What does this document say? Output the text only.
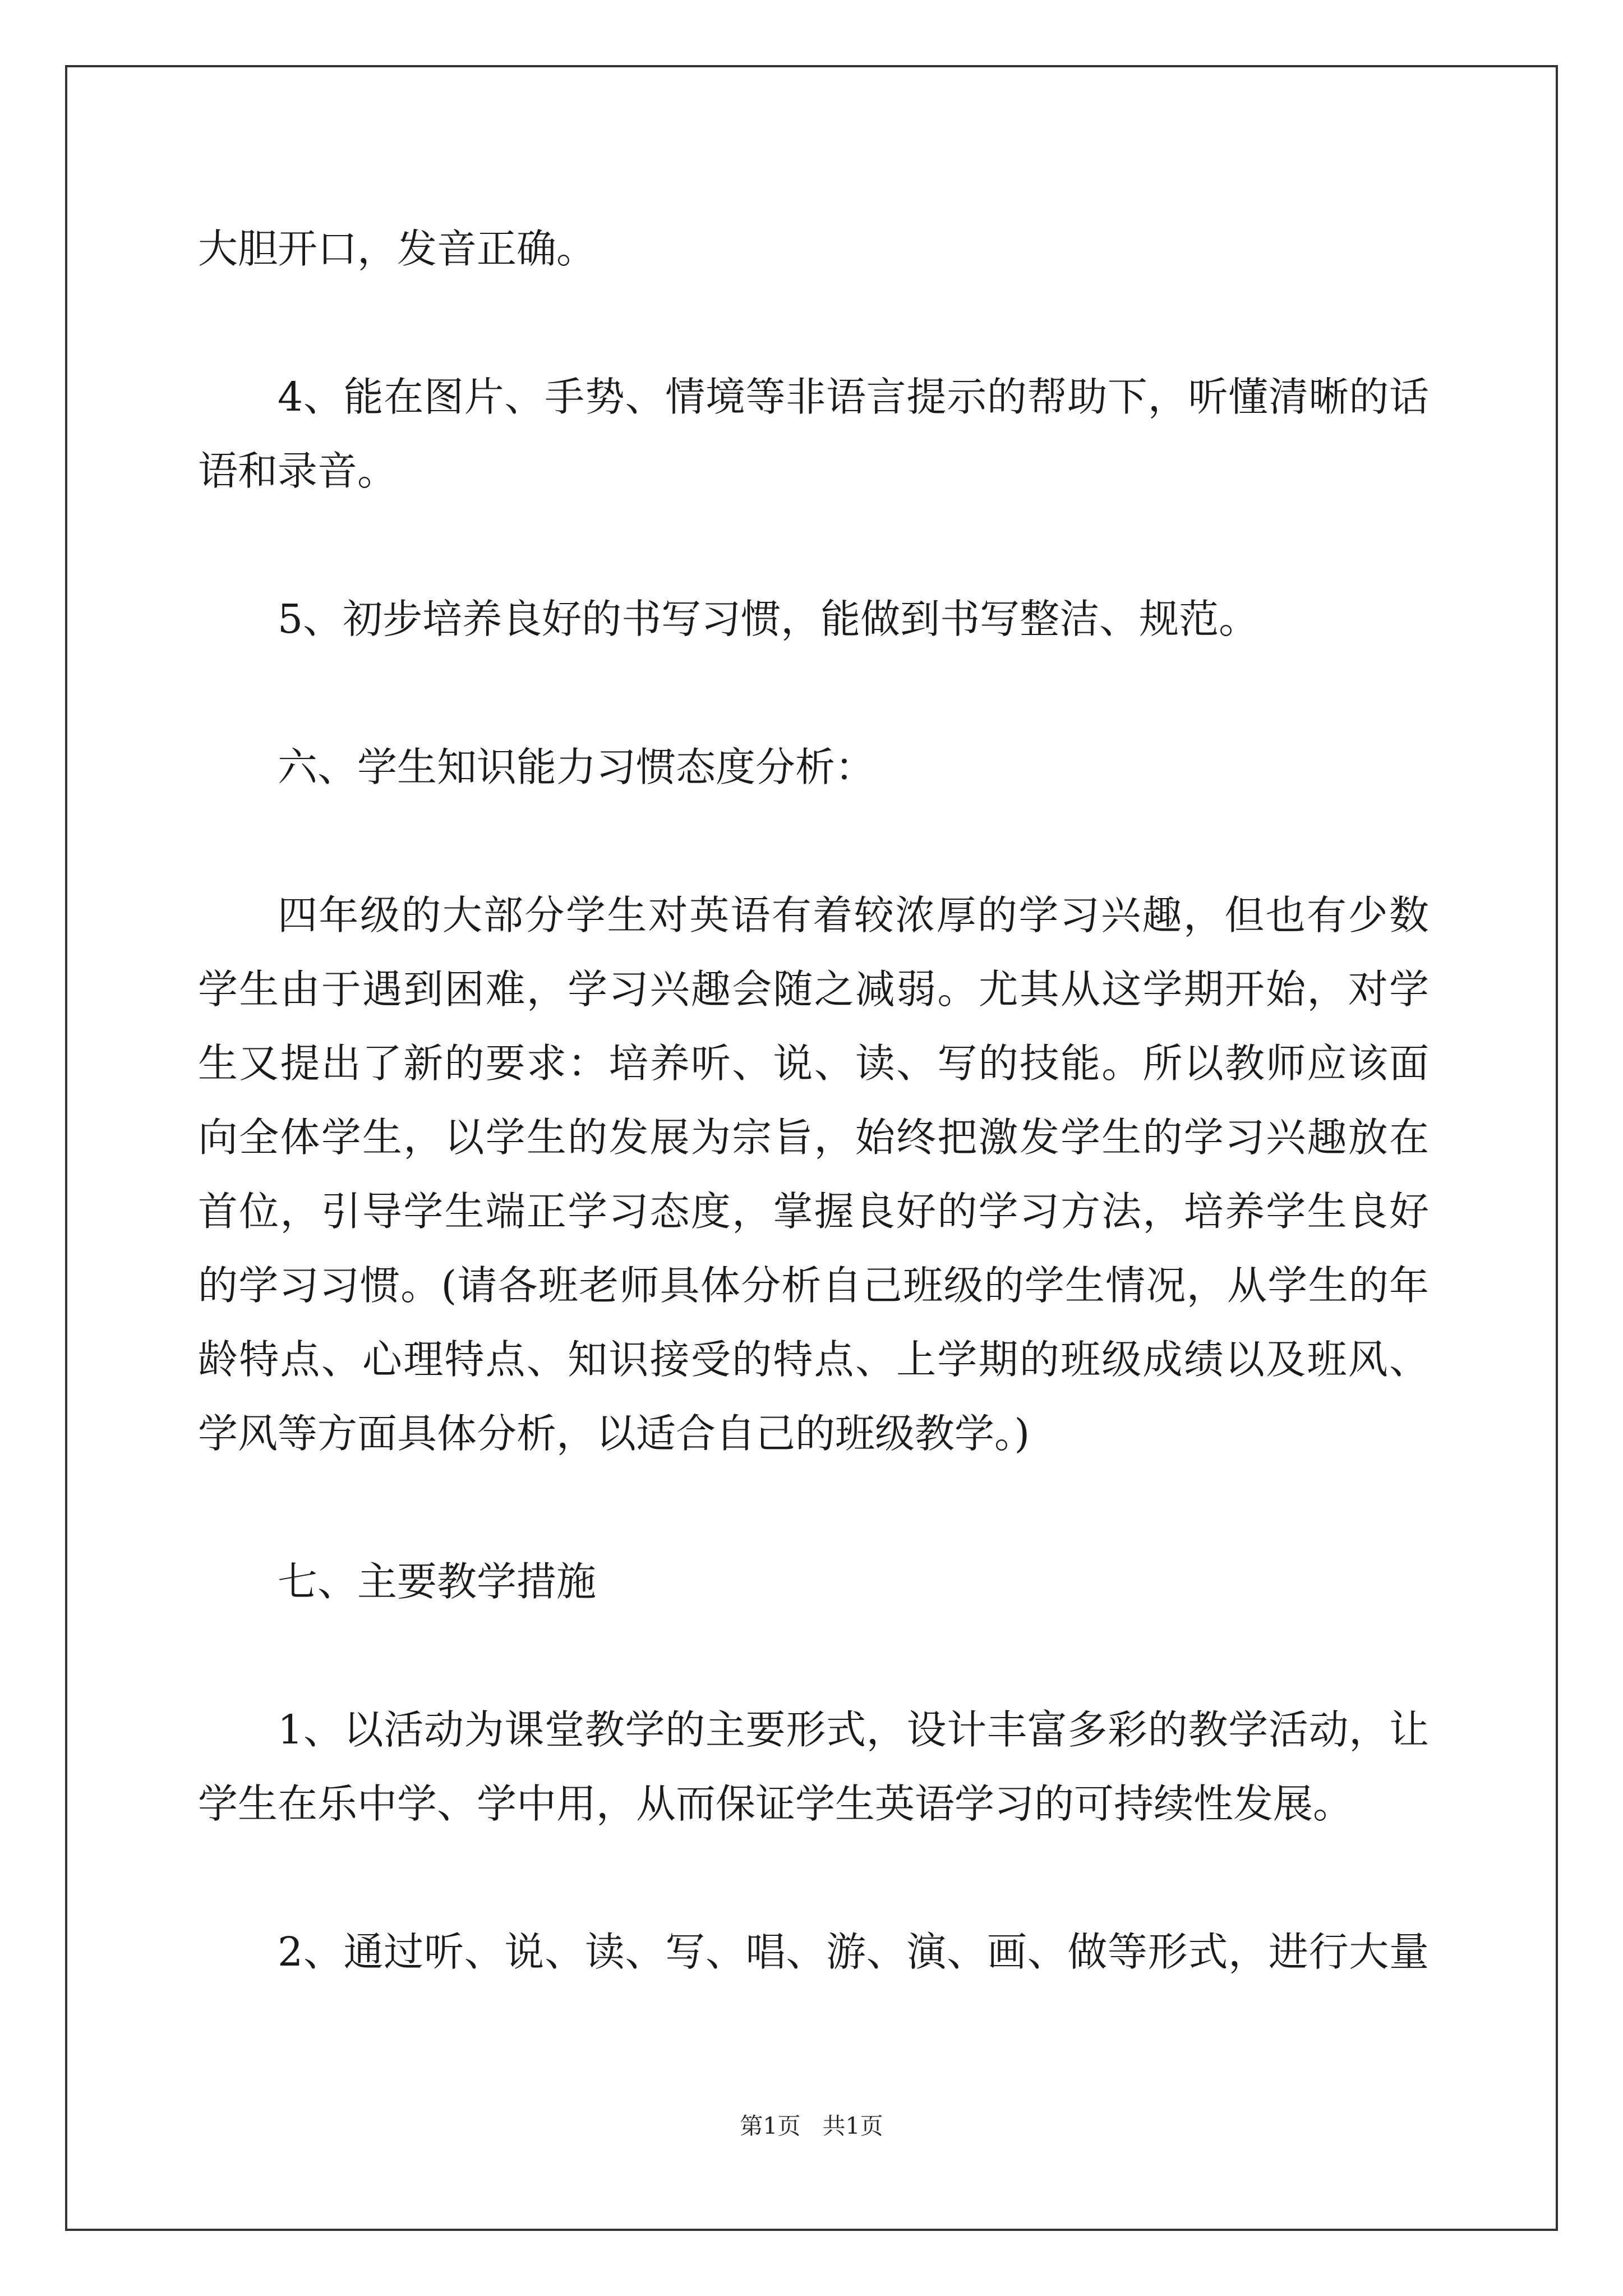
大胆开口，发音正确。
4、能在图片、手势、情境等非语言提示的帮助下，听懂清晰的话
语和录音。
5、初步培养良好的书写习惯，能做到书写整洁、规范。
六、学生知识能力习惯态度分析：
四年级的大部分学生对英语有着较浓厚的学习兴趣，但也有少数
学生由于遇到困难，学习兴趣会随之减弱。尤其从这学期开始，对学
生又提出了新的要求：培养听、说、读、写的技能。所以教师应该面
向全体学生，以学生的发展为宗旨，始终把激发学生的学习兴趣放在
首位，引导学生端正学习态度，掌握良好的学习方法，培养学生良好
的学习习惯。(请各班老师具体分析自己班级的学生情况，从学生的年
龄特点、心理特点、知识接受的特点、上学期的班级成绩以及班风、
学风等方面具体分析，以适合自己的班级教学。)
七、主要教学措施
1、以活动为课堂教学的主要形式，设计丰富多彩的教学活动，让
学生在乐中学、学中用，从而保证学生英语学习的可持续性发展。
2、通过听、说、读、写、唱、游、演、画、做等形式，进行大量
第1页   共1页
